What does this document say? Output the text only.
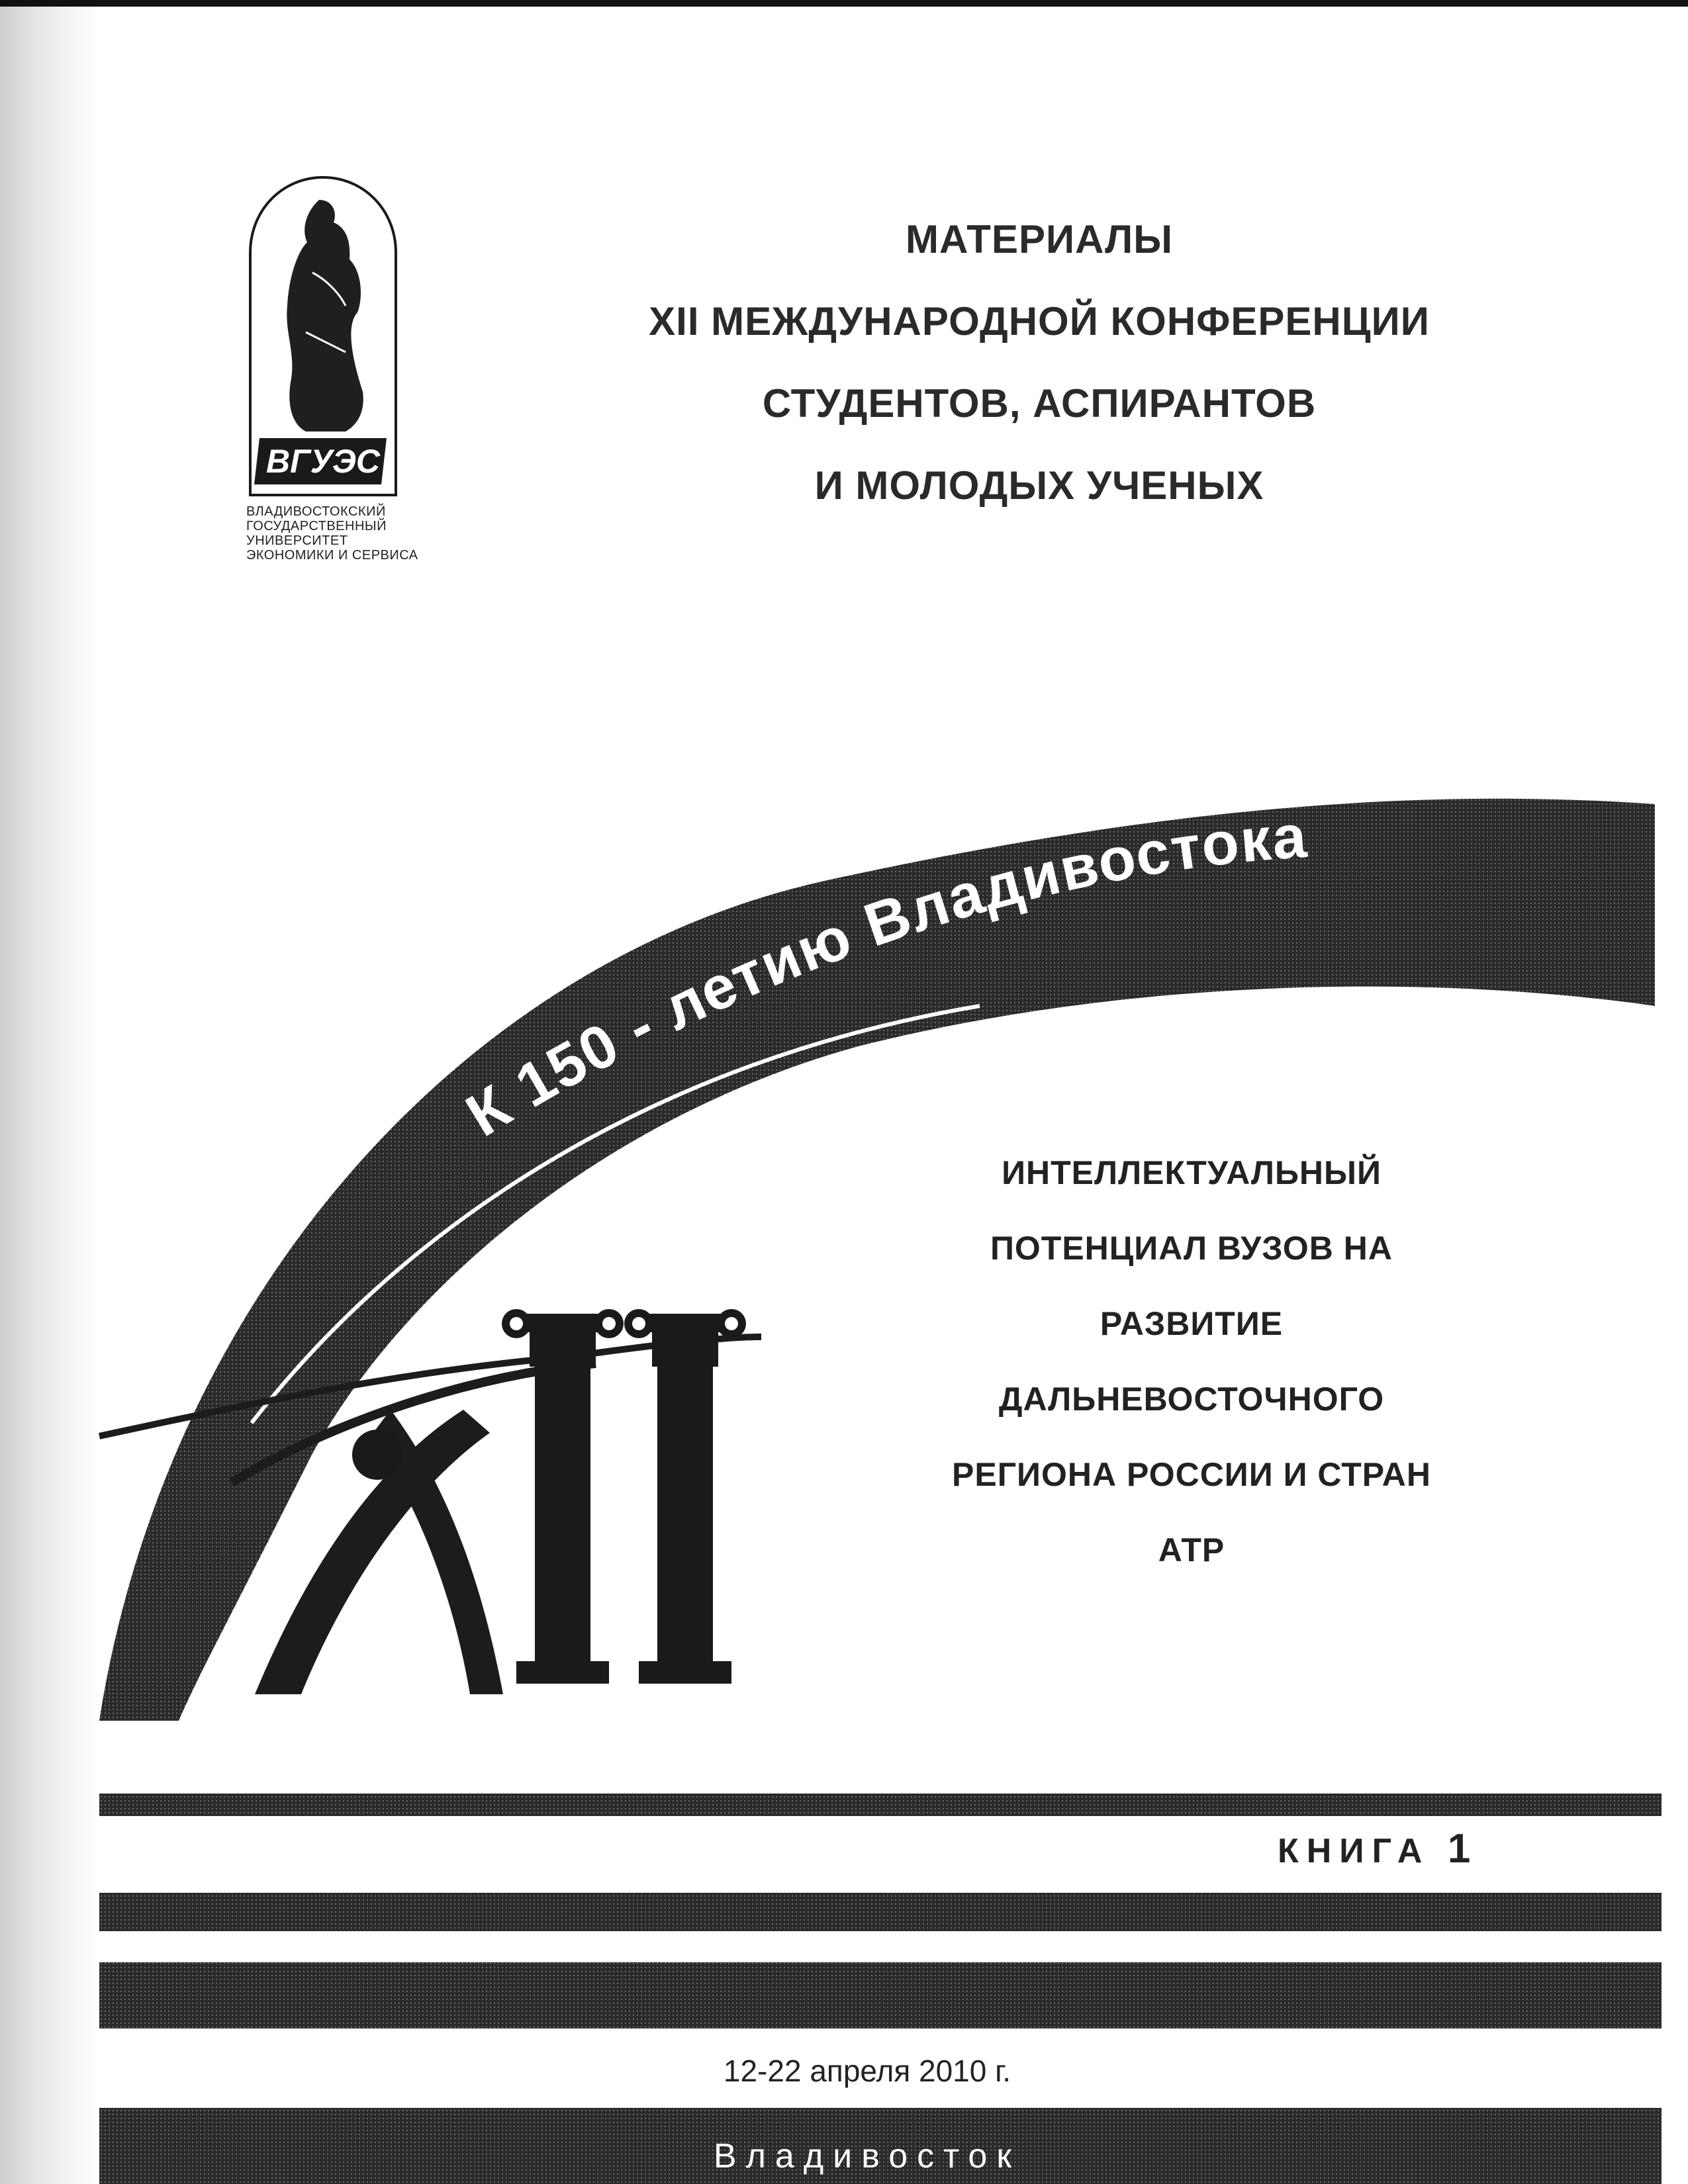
К 150 - летию Владивостока
ВГУЭС
ВЛАДИВОСТОКСКИЙ
ГОСУДАРСТВЕННЫЙ
УНИВЕРСИТЕТ
ЭКОНОМИКИ И СЕРВИСА
МАТЕРИАЛЫ
XII МЕЖДУНАРОДНОЙ КОНФЕРЕНЦИИ
СТУДЕНТОВ, АСПИРАНТОВ
И МОЛОДЫХ УЧЕНЫХ
ИНТЕЛЛЕКТУАЛЬНЫЙ
ПОТЕНЦИАЛ ВУЗОВ НА
РАЗВИТИЕ
ДАЛЬНЕВОСТОЧНОГО
РЕГИОНА РОССИИ И СТРАН
АТР
КНИГА 1
12-22 апреля 2010 г.
Владивосток
